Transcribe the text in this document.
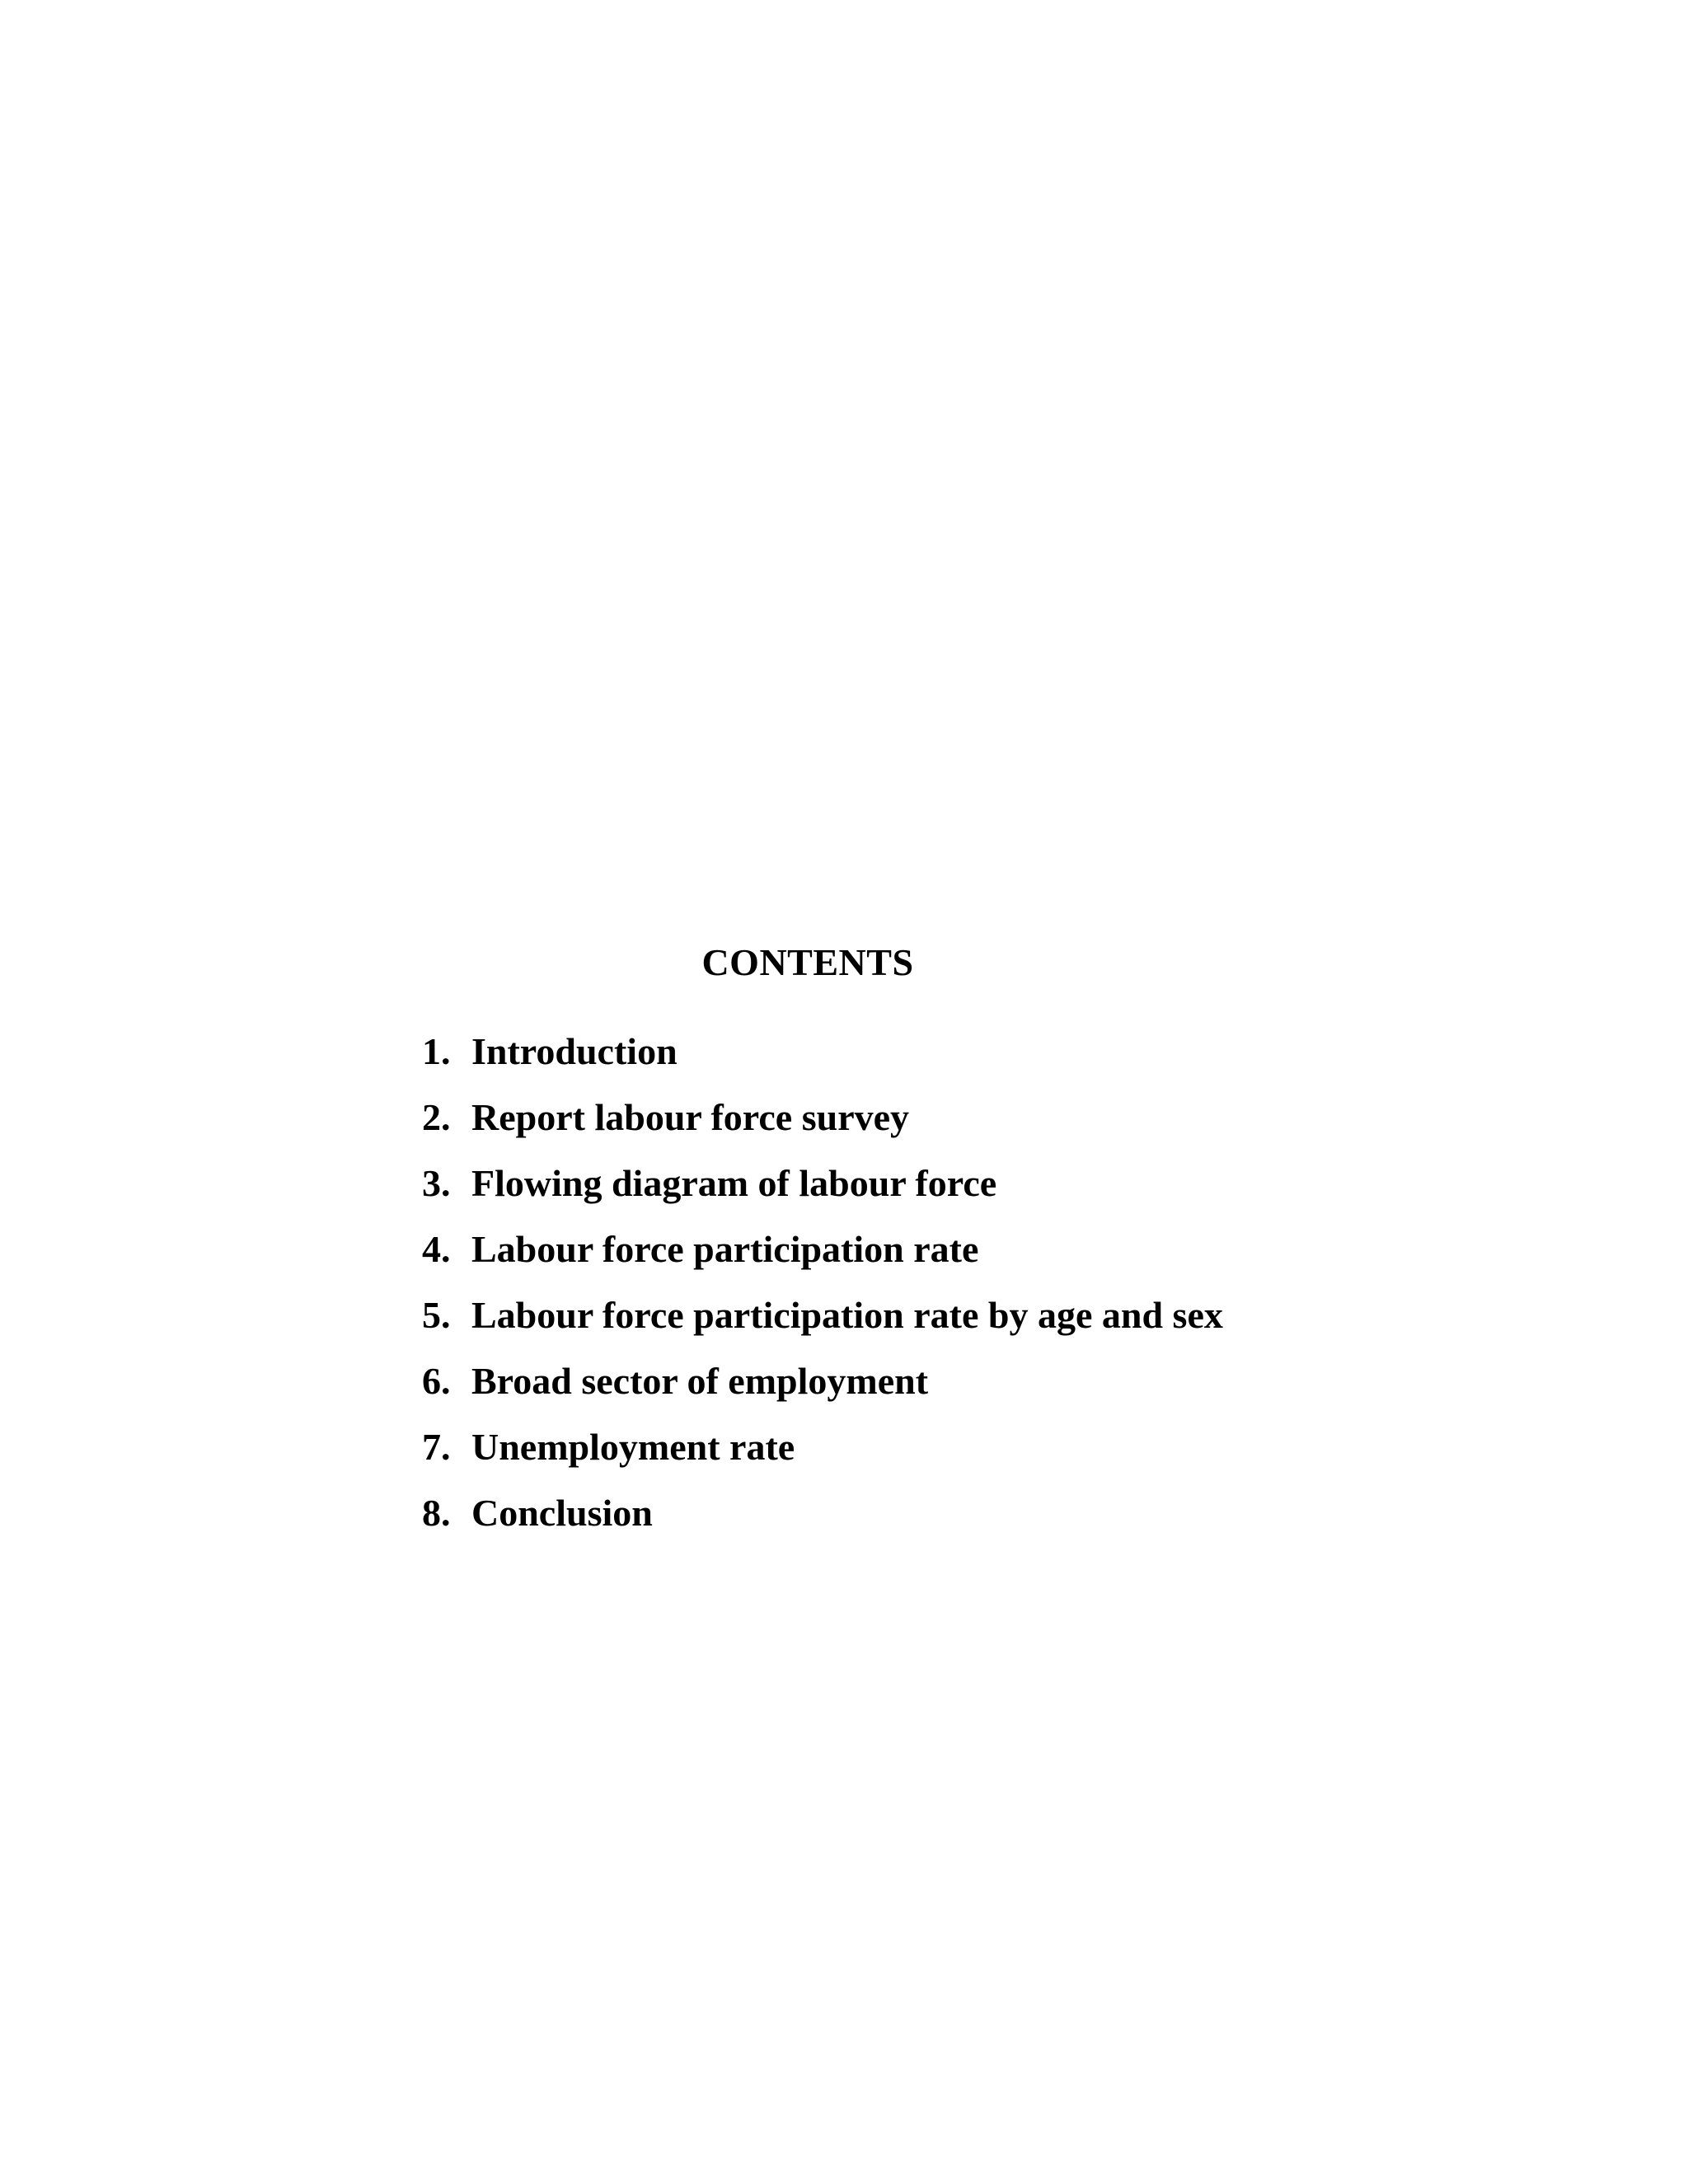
CONTENTS
1. Introduction
2. Report labour force survey
3. Flowing diagram of labour force
4. Labour force participation rate
5. Labour force participation rate by age and sex
6. Broad sector of employment
7. Unemployment rate
8. Conclusion
